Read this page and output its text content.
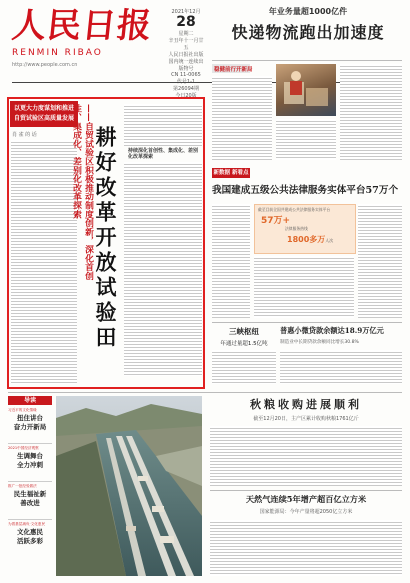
人民日报
RENMIN RIBAO
http://www.people.com.cn
2021年12月
28
星期二
辛丑年十一月廿五
人民日报社出版
国内统一连续出版物号
CN 11-0065
第26094期
今日20版
年业务量超1000亿件
快递物流跑出加速度
稳健前行开新局
以更大力度谋划和推进
自贸试验区高质量发展
肖 雀 的 话	——自贸试验区积极推动制度创新，深化首创性、集成化、差别化改革探索 耕好改革开放试验田	持续深化首创性、集成化、差别化改革探索
新数据 新看点
我国建成五级公共法律服务实体平台57万个
截至目前全国共建成公共法律服务实体平台
57万+
法律服务热线
1800多万人次
三峡枢纽
年通过量超1.5亿吨
普惠小微贷款余额达18.9万亿元
制造业中长期贷款余额同比增长30.8%
导读
习近平的文化情缘
扭住讲台
奋力开新局
2021中国经济观察
生调舞台
全力冲刺
推广一批经验做法
民生福祉新
善改进
为着基层减负·文化惠民
文化惠民
活跃多彩
秋粮收购进展顺利
截至12月20日，主产区累计收购秋粮1761亿斤
天然气连续5年增产超百亿立方米
国家能源局：今年产量将超2050亿立方米
